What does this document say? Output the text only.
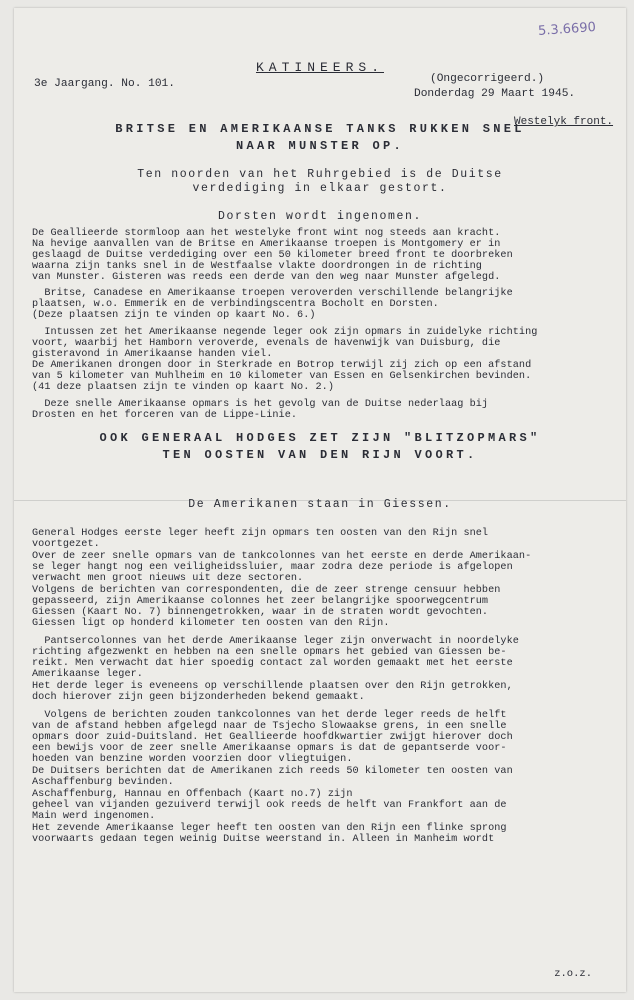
5.3.6690
KATINEERS.
3e Jaargang. No. 101.	(Ongecorrigeerd.)
Donderdag 29 Maart 1945.
Westelyk front.
BRITSE EN AMERIKAANSE TANKS RUKKEN SNEL
NAAR MUNSTER OP.
Ten noorden van het Ruhrgebied is de Duitse
verdediging in elkaar gestort.
Dorsten wordt ingenomen.
OOK GENERAAL HODGES ZET ZIJN "BLITZOPMARS"
TEN OOSTEN VAN DEN RIJN VOORT.
De Amerikanen staan in Giessen.
De Geallieerde stormloop aan het westelyke front wint nog steeds aan kracht.
Na hevige aanvallen van de Britse en Amerikaanse troepen is Montgomery er in
geslaagd de Duitse verdediging over een 50 kilometer breed front te doorbreken
waarna zijn tanks snel in de Westfaalse vlakte doordrongen in de richting
van Munster. Gisteren was reeds een derde van den weg naar Munster afgelegd.
Britse, Canadese en Amerikaanse troepen veroverden verschillende belangrijke
plaatsen, w.o. Emmerik en de verbindingscentra Bocholt en Dorsten.
(Deze plaatsen zijn te vinden op kaart No. 6.)
Intussen zet het Amerikaanse negende leger ook zijn opmars in zuidelyke richting
voort, waarbij het Hamborn veroverde, evenals de havenwijk van Duisburg, die
gisteravond in Amerikaanse handen viel.
De Amerikanen drongen door in Sterkrade en Botrop terwijl zij zich op een afstand
van 5 kilometer van Muhlheim en 10 kilometer van Essen en Gelsenkirchen bevinden.
(41 deze plaatsen zijn te vinden op kaart No. 2.)
Deze snelle Amerikaanse opmars is het gevolg van de Duitse nederlaag bij
Drosten en het forceren van de Lippe-Linie.
General Hodges eerste leger heeft zijn opmars ten oosten van den Rijn snel
voortgezet.
Over de zeer snelle opmars van de tankcolonnes van het eerste en derde Amerikaan-
se leger hangt nog een veiligheidssluier, maar zodra deze periode is afgelopen
verwacht men groot nieuws uit deze sectoren.
Volgens de berichten van correspondenten, die de zeer strenge censuur hebben
gepasseerd, zijn Amerikaanse colonnes het zeer belangrijke spoorwegcentrum
Giessen (Kaart No. 7) binnengetrokken, waar in de straten wordt gevochten.
Giessen ligt op honderd kilometer ten oosten van den Rijn.
Pantsercolonnes van het derde Amerikaanse leger zijn onverwacht in noordelyke
richting afgezwenkt en hebben na een snelle opmars het gebied van Giessen be-
reikt. Men verwacht dat hier spoedig contact zal worden gemaakt met het eerste
Amerikaanse leger.
Het derde leger is eveneens op verschillende plaatsen over den Rijn getrokken,
doch hierover zijn geen bijzonderheden bekend gemaakt.
Volgens de berichten zouden tankcolonnes van het derde leger reeds de helft
van de afstand hebben afgelegd naar de Tsjecho Slowaakse grens, in een snelle
opmars door zuid-Duitsland. Het Geallieerde hoofdkwartier zwijgt hierover doch
een bewijs voor de zeer snelle Amerikaanse opmars is dat de gepantserde voor-
hoeden van benzine worden voorzien door vliegtuigen.
De Duitsers berichten dat de Amerikanen zich reeds 50 kilometer ten oosten van
Aschaffenburg bevinden.
Aschaffenburg, Hannau en Offenbach (Kaart no.7) zijn
geheel van vijanden gezuiverd terwijl ook reeds de helft van Frankfort aan de
Main werd ingenomen.
Het zevende Amerikaanse leger heeft ten oosten van den Rijn een flinke sprong
voorwaarts gedaan tegen weinig Duitse weerstand in. Alleen in Manheim wordt
z.o.z.
